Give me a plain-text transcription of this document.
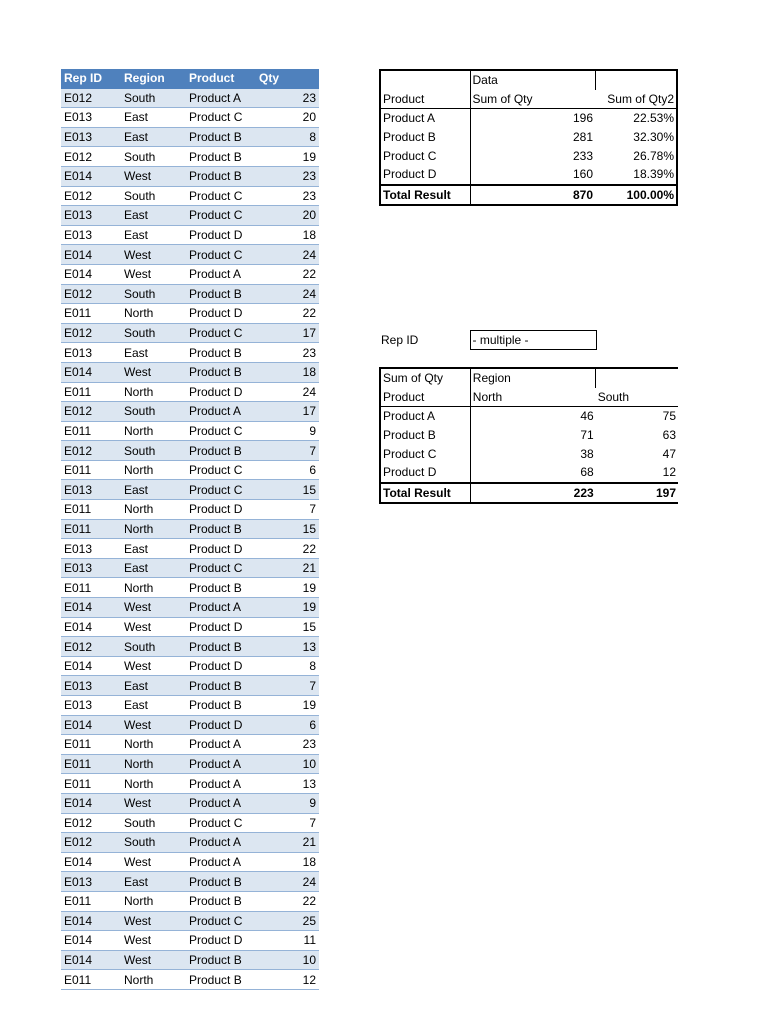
Rep ID	Region	Product	Qty
E012	South	Product A	23
E013	East	Product C	20
E013	East	Product B	8
E012	South	Product B	19
E014	West	Product B	23
E012	South	Product C	23
E013	East	Product C	20
E013	East	Product D	18
E014	West	Product C	24
E014	West	Product A	22
E012	South	Product B	24
E011	North	Product D	22
E012	South	Product C	17
E013	East	Product B	23
E014	West	Product B	18
E011	North	Product D	24
E012	South	Product A	17
E011	North	Product C	9
E012	South	Product B	7
E011	North	Product C	6
E013	East	Product C	15
E011	North	Product D	7
E011	North	Product B	15
E013	East	Product D	22
E013	East	Product C	21
E011	North	Product B	19
E014	West	Product A	19
E014	West	Product D	15
E012	South	Product B	13
E014	West	Product D	8
E013	East	Product B	7
E013	East	Product B	19
E014	West	Product D	6
E011	North	Product A	23
E011	North	Product A	10
E011	North	Product A	13
E014	West	Product A	9
E012	South	Product C	7
E012	South	Product A	21
E014	West	Product A	18
E013	East	Product B	24
E011	North	Product B	22
E014	West	Product C	25
E014	West	Product D	11
E014	West	Product B	10
E011	North	Product B	12
	Data	
Product	Sum of Qty	Sum of Qty2
Product A	196	22.53%
Product B	281	32.30%
Product C	233	26.78%
Product D	160	18.39%
Total Result	870	100.00%
Rep ID	- multiple -
Sum of Qty	Region	
Product	North	South
Product A	46	75
Product B	71	63
Product C	38	47
Product D	68	12
Total Result	223	197
